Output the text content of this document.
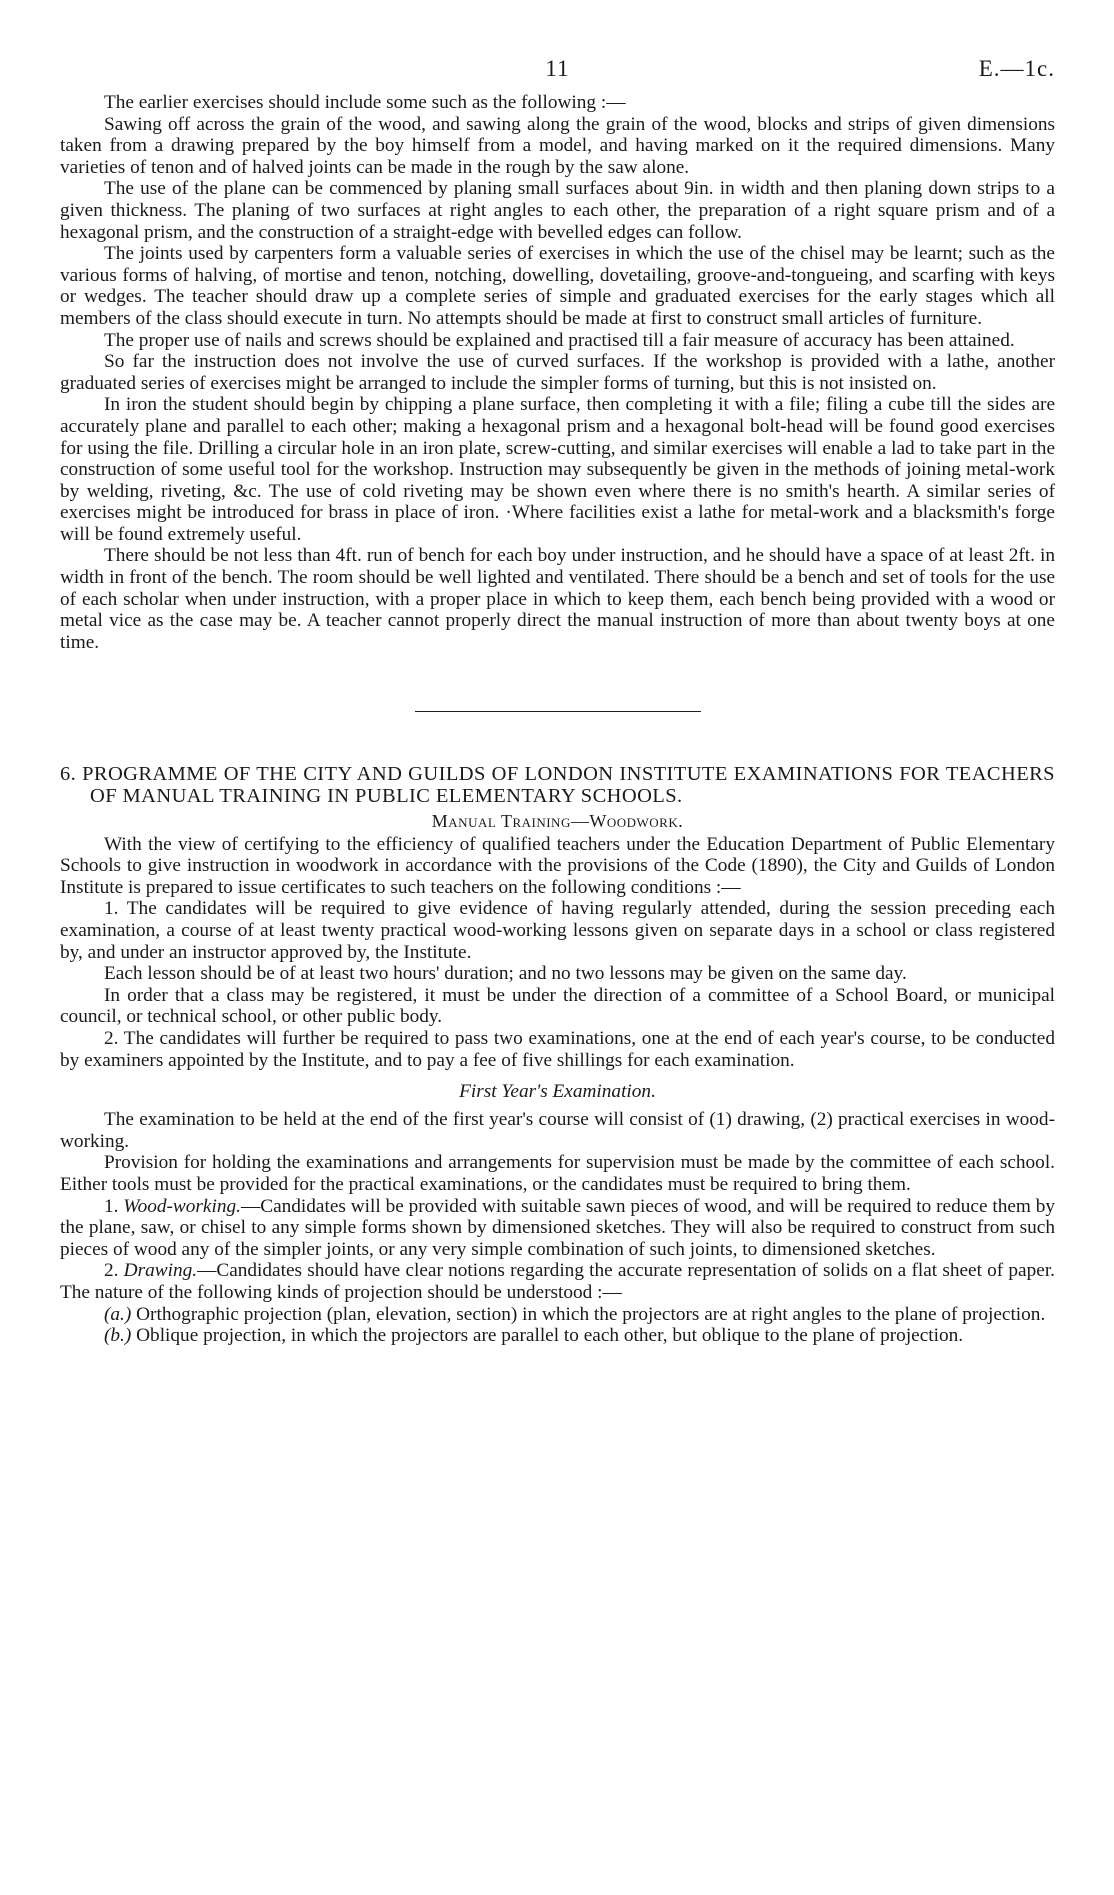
11	E.—1c.

The earlier exercises should include some such as the following :—

Sawing off across the grain of the wood, and sawing along the grain of the wood, blocks and strips of given dimensions taken from a drawing prepared by the boy himself from a model, and having marked on it the required dimensions. Many varieties of tenon and of halved joints can be made in the rough by the saw alone.

The use of the plane can be commenced by planing small surfaces about 9in. in width and then planing down strips to a given thickness. The planing of two surfaces at right angles to each other, the preparation of a right square prism and of a hexagonal prism, and the construction of a straight-edge with bevelled edges can follow.

The joints used by carpenters form a valuable series of exercises in which the use of the chisel may be learnt; such as the various forms of halving, of mortise and tenon, notching, dowelling, dovetailing, groove-and-tongueing, and scarfing with keys or wedges. The teacher should draw up a complete series of simple and graduated exercises for the early stages which all members of the class should execute in turn. No attempts should be made at first to construct small articles of furniture.

The proper use of nails and screws should be explained and practised till a fair measure of accuracy has been attained.

So far the instruction does not involve the use of curved surfaces. If the workshop is provided with a lathe, another graduated series of exercises might be arranged to include the simpler forms of turning, but this is not insisted on.

In iron the student should begin by chipping a plane surface, then completing it with a file; filing a cube till the sides are accurately plane and parallel to each other; making a hexagonal prism and a hexagonal bolt-head will be found good exercises for using the file. Drilling a circular hole in an iron plate, screw-cutting, and similar exercises will enable a lad to take part in the construction of some useful tool for the workshop. Instruction may subsequently be given in the methods of joining metal-work by welding, riveting, &c. The use of cold riveting may be shown even where there is no smith's hearth. A similar series of exercises might be introduced for brass in place of iron. ·Where facilities exist a lathe for metal-work and a blacksmith's forge will be found extremely useful.

There should be not less than 4ft. run of bench for each boy under instruction, and he should have a space of at least 2ft. in width in front of the bench. The room should be well lighted and ventilated. There should be a bench and set of tools for the use of each scholar when under instruction, with a proper place in which to keep them, each bench being provided with a wood or metal vice as the case may be. A teacher cannot properly direct the manual instruction of more than about twenty boys at one time.

6. PROGRAMME OF THE CITY AND GUILDS OF LONDON INSTITUTE EXAMINATIONS FOR TEACHERS OF MANUAL TRAINING IN PUBLIC ELEMENTARY SCHOOLS.
Manual Training—Woodwork.

With the view of certifying to the efficiency of qualified teachers under the Education Department of Public Elementary Schools to give instruction in woodwork in accordance with the provisions of the Code (1890), the City and Guilds of London Institute is prepared to issue certificates to such teachers on the following conditions :—

1. The candidates will be required to give evidence of having regularly attended, during the session preceding each examination, a course of at least twenty practical wood-working lessons given on separate days in a school or class registered by, and under an instructor approved by, the Institute.

Each lesson should be of at least two hours' duration; and no two lessons may be given on the same day.

In order that a class may be registered, it must be under the direction of a committee of a School Board, or municipal council, or technical school, or other public body.

2. The candidates will further be required to pass two examinations, one at the end of each year's course, to be conducted by examiners appointed by the Institute, and to pay a fee of five shillings for each examination.

First Year's Examination.

The examination to be held at the end of the first year's course will consist of (1) drawing, (2) practical exercises in wood-working.

Provision for holding the examinations and arrangements for supervision must be made by the committee of each school. Either tools must be provided for the practical examinations, or the candidates must be required to bring them.

1. Wood-working.—Candidates will be provided with suitable sawn pieces of wood, and will be required to reduce them by the plane, saw, or chisel to any simple forms shown by dimensioned sketches. They will also be required to construct from such pieces of wood any of the simpler joints, or any very simple combination of such joints, to dimensioned sketches.

2. Drawing.—Candidates should have clear notions regarding the accurate representation of solids on a flat sheet of paper. The nature of the following kinds of projection should be understood :—

(a.) Orthographic projection (plan, elevation, section) in which the projectors are at right angles to the plane of projection.

(b.) Oblique projection, in which the projectors are parallel to each other, but oblique to the plane of projection.
